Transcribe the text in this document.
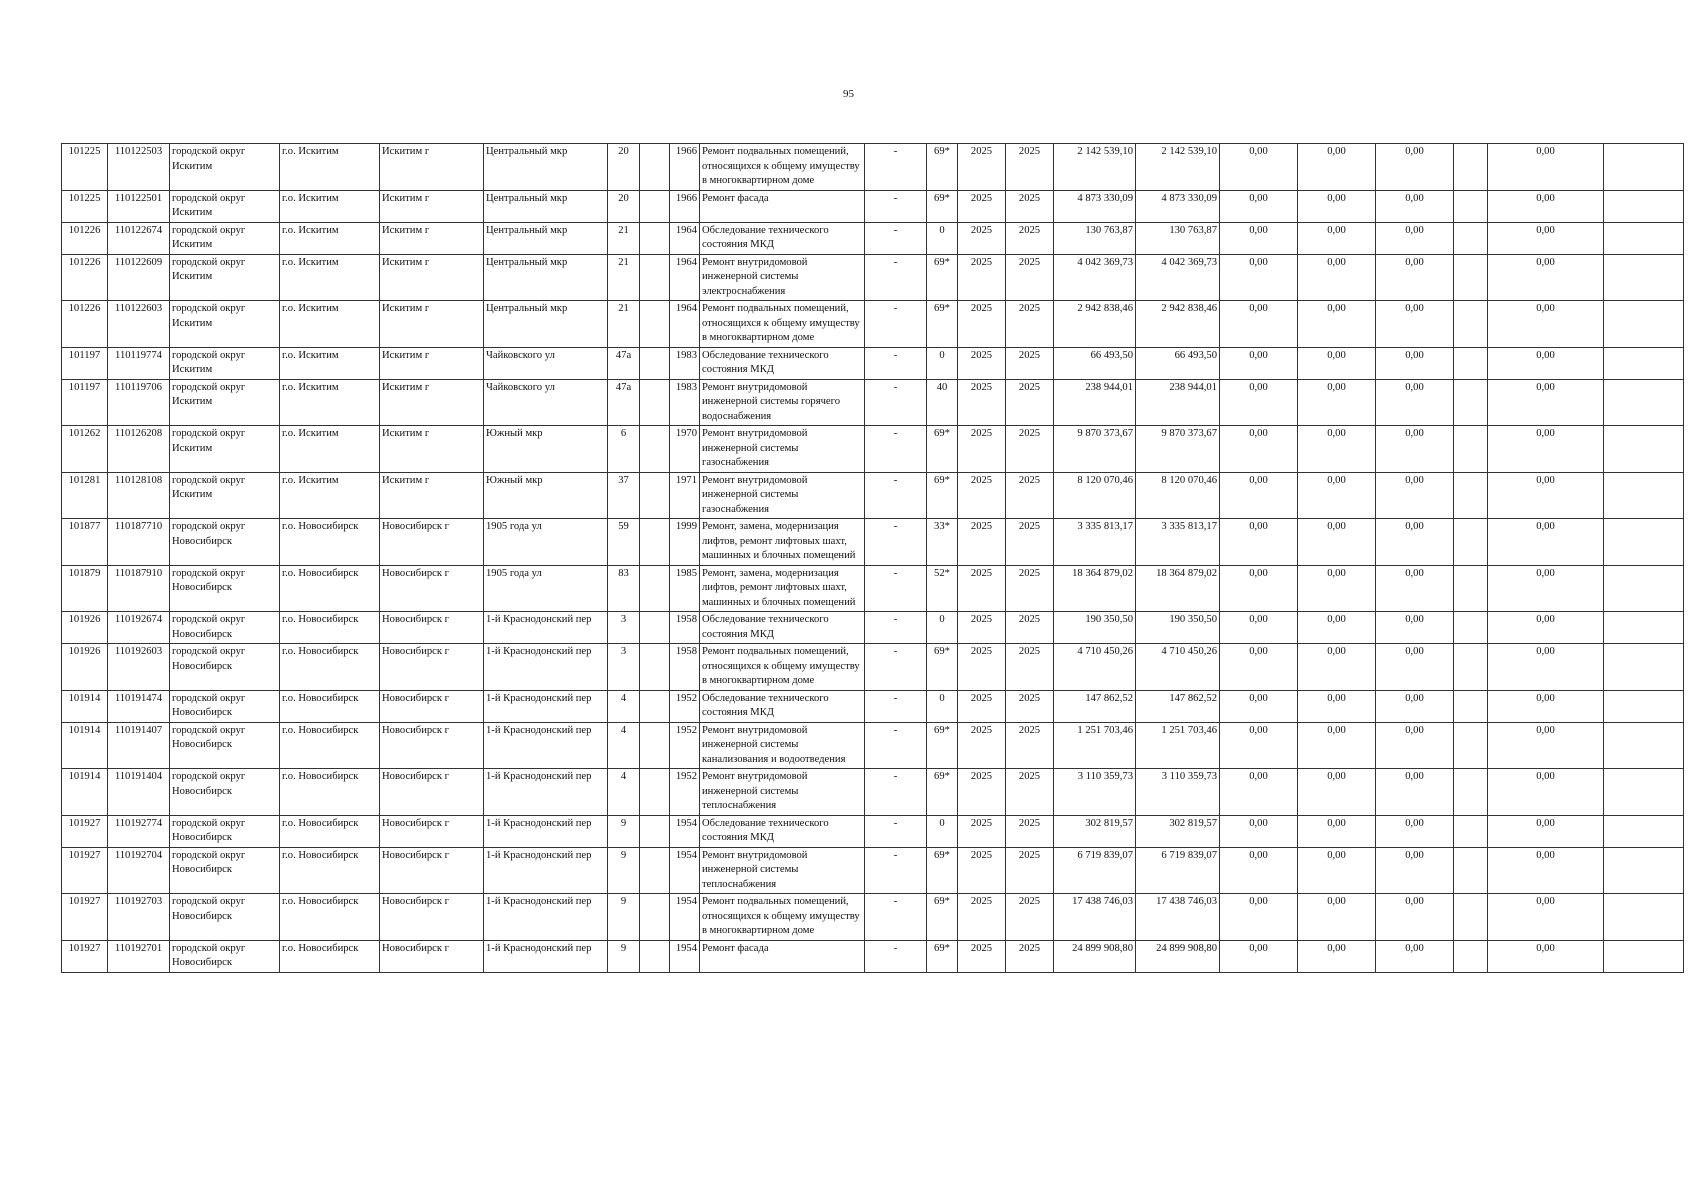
95
101225	110122503	городской округ Искитим	г.о. Искитим	Искитим г	Центральный мкр	20		1966	Ремонт подвальных помещений, относящихся к общему имуществу в многоквартирном доме	-	69*	2025	2025	2 142 539,10	2 142 539,10	0,00	0,00	0,00		0,00	
101225	110122501	городской округ Искитим	г.о. Искитим	Искитим г	Центральный мкр	20		1966	Ремонт фасада	-	69*	2025	2025	4 873 330,09	4 873 330,09	0,00	0,00	0,00		0,00	
101226	110122674	городской округ Искитим	г.о. Искитим	Искитим г	Центральный мкр	21		1964	Обследование технического состояния МКД	-	0	2025	2025	130 763,87	130 763,87	0,00	0,00	0,00		0,00	
101226	110122609	городской округ Искитим	г.о. Искитим	Искитим г	Центральный мкр	21		1964	Ремонт внутридомовой инженерной системы электроснабжения	-	69*	2025	2025	4 042 369,73	4 042 369,73	0,00	0,00	0,00		0,00	
101226	110122603	городской округ Искитим	г.о. Искитим	Искитим г	Центральный мкр	21		1964	Ремонт подвальных помещений, относящихся к общему имуществу в многоквартирном доме	-	69*	2025	2025	2 942 838,46	2 942 838,46	0,00	0,00	0,00		0,00	
101197	110119774	городской округ Искитим	г.о. Искитим	Искитим г	Чайковского ул	47а		1983	Обследование технического состояния МКД	-	0	2025	2025	66 493,50	66 493,50	0,00	0,00	0,00		0,00	
101197	110119706	городской округ Искитим	г.о. Искитим	Искитим г	Чайковского ул	47а		1983	Ремонт внутридомовой инженерной системы горячего водоснабжения	-	40	2025	2025	238 944,01	238 944,01	0,00	0,00	0,00		0,00	
101262	110126208	городской округ Искитим	г.о. Искитим	Искитим г	Южный мкр	6		1970	Ремонт внутридомовой инженерной системы газоснабжения	-	69*	2025	2025	9 870 373,67	9 870 373,67	0,00	0,00	0,00		0,00	
101281	110128108	городской округ Искитим	г.о. Искитим	Искитим г	Южный мкр	37		1971	Ремонт внутридомовой инженерной системы газоснабжения	-	69*	2025	2025	8 120 070,46	8 120 070,46	0,00	0,00	0,00		0,00	
101877	110187710	городской округ Новосибирск	г.о. Новосибирск	Новосибирск г	1905 года ул	59		1999	Ремонт, замена, модернизация лифтов, ремонт лифтовых шахт, машинных и блочных помещений	-	33*	2025	2025	3 335 813,17	3 335 813,17	0,00	0,00	0,00		0,00	
101879	110187910	городской округ Новосибирск	г.о. Новосибирск	Новосибирск г	1905 года ул	83		1985	Ремонт, замена, модернизация лифтов, ремонт лифтовых шахт, машинных и блочных помещений	-	52*	2025	2025	18 364 879,02	18 364 879,02	0,00	0,00	0,00		0,00	
101926	110192674	городской округ Новосибирск	г.о. Новосибирск	Новосибирск г	1-й Краснодонский пер	3		1958	Обследование технического состояния МКД	-	0	2025	2025	190 350,50	190 350,50	0,00	0,00	0,00		0,00	
101926	110192603	городской округ Новосибирск	г.о. Новосибирск	Новосибирск г	1-й Краснодонский пер	3		1958	Ремонт подвальных помещений, относящихся к общему имуществу в многоквартирном доме	-	69*	2025	2025	4 710 450,26	4 710 450,26	0,00	0,00	0,00		0,00	
101914	110191474	городской округ Новосибирск	г.о. Новосибирск	Новосибирск г	1-й Краснодонский пер	4		1952	Обследование технического состояния МКД	-	0	2025	2025	147 862,52	147 862,52	0,00	0,00	0,00		0,00	
101914	110191407	городской округ Новосибирск	г.о. Новосибирск	Новосибирск г	1-й Краснодонский пер	4		1952	Ремонт внутридомовой инженерной системы канализования и водоотведения	-	69*	2025	2025	1 251 703,46	1 251 703,46	0,00	0,00	0,00		0,00	
101914	110191404	городской округ Новосибирск	г.о. Новосибирск	Новосибирск г	1-й Краснодонский пер	4		1952	Ремонт внутридомовой инженерной системы теплоснабжения	-	69*	2025	2025	3 110 359,73	3 110 359,73	0,00	0,00	0,00		0,00	
101927	110192774	городской округ Новосибирск	г.о. Новосибирск	Новосибирск г	1-й Краснодонский пер	9		1954	Обследование технического состояния МКД	-	0	2025	2025	302 819,57	302 819,57	0,00	0,00	0,00		0,00	
101927	110192704	городской округ Новосибирск	г.о. Новосибирск	Новосибирск г	1-й Краснодонский пер	9		1954	Ремонт внутридомовой инженерной системы теплоснабжения	-	69*	2025	2025	6 719 839,07	6 719 839,07	0,00	0,00	0,00		0,00	
101927	110192703	городской округ Новосибирск	г.о. Новосибирск	Новосибирск г	1-й Краснодонский пер	9		1954	Ремонт подвальных помещений, относящихся к общему имуществу в многоквартирном доме	-	69*	2025	2025	17 438 746,03	17 438 746,03	0,00	0,00	0,00		0,00	
101927	110192701	городской округ Новосибирск	г.о. Новосибирск	Новосибирск г	1-й Краснодонский пер	9		1954	Ремонт фасада	-	69*	2025	2025	24 899 908,80	24 899 908,80	0,00	0,00	0,00		0,00	
